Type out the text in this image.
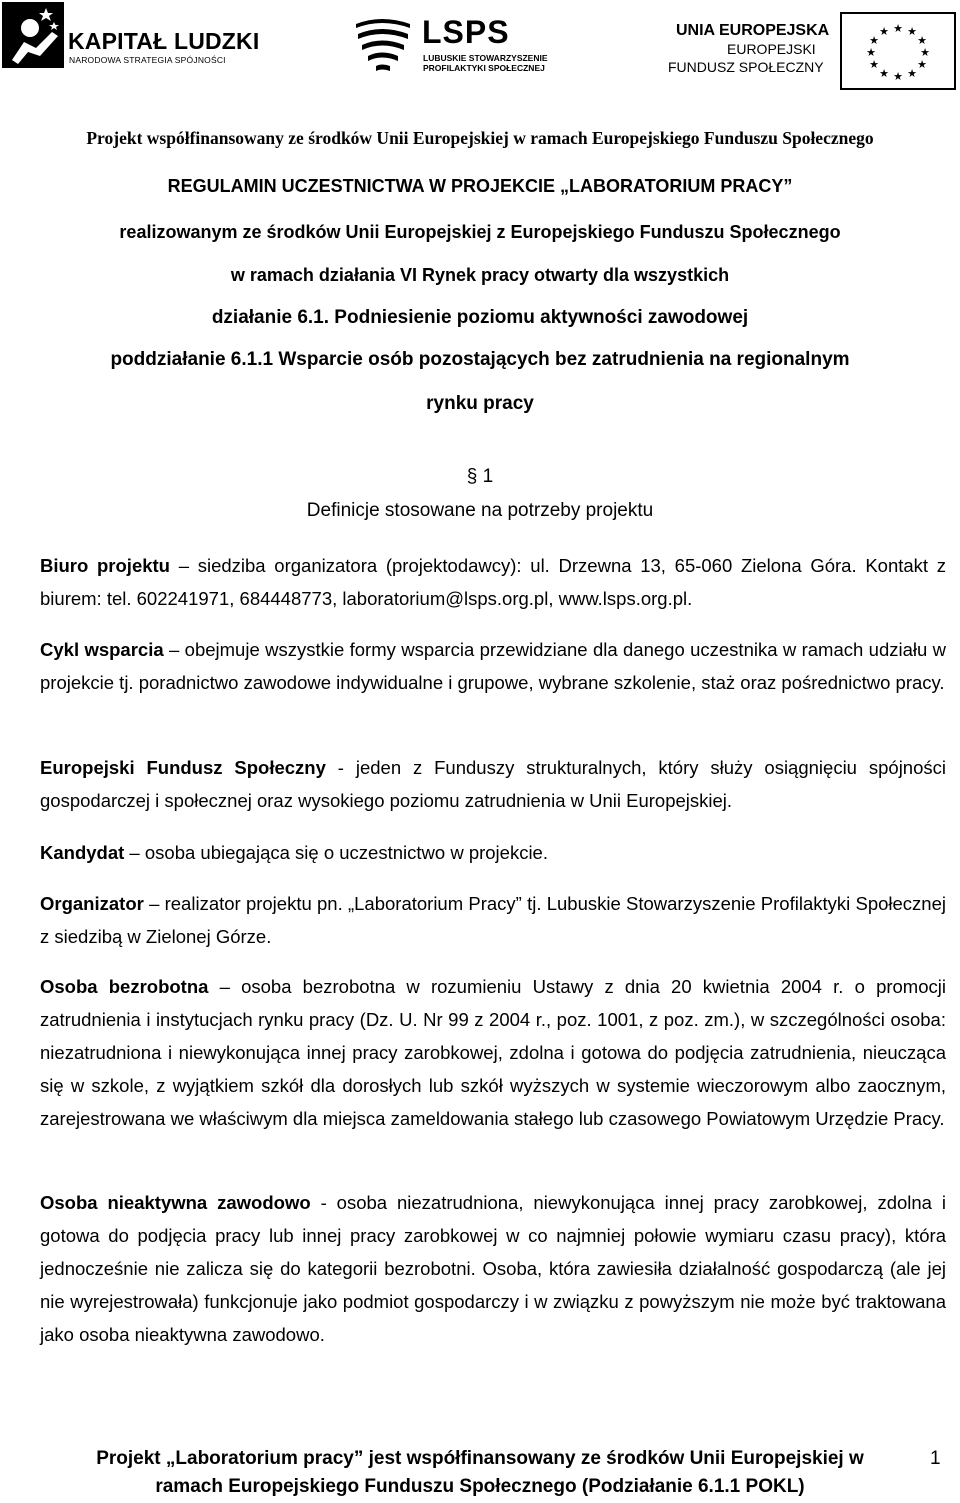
KAPITAŁ LUDZKI
NARODOWA STRATEGIA SPÓJNOŚCI
LSPS
LUBUSKIE STOWARZYSZENIE
PROFILAKTYKI SPOŁECZNEJ
UNIA EUROPEJSKA
EUROPEJSKI
FUNDUSZ SPOŁECZNY
★ ★
★
★
★
★
★
★
★
★
★
★
Projekt współfinansowany ze środków Unii Europejskiej w ramach Europejskiego Funduszu Społecznego
REGULAMIN UCZESTNICTWA W PROJEKCIE „LABORATORIUM PRACY”
realizowanym ze środków Unii Europejskiej z Europejskiego Funduszu Społecznego
w ramach działania VI Rynek pracy otwarty dla wszystkich
działanie 6.1. Podniesienie poziomu aktywności zawodowej
poddziałanie 6.1.1 Wsparcie osób pozostających bez zatrudnienia na regionalnym
rynku pracy
§ 1
Definicje stosowane na potrzeby projektu
Biuro projektu – siedziba organizatora (projektodawcy): ul. Drzewna 13, 65-060 Zielona Góra. Kontakt z biurem: tel. 602241971, 684448773, laboratorium@lsps.org.pl, www.lsps.org.pl.
Cykl wsparcia – obejmuje wszystkie formy wsparcia przewidziane dla danego uczestnika w ramach udziału w projekcie tj. poradnictwo zawodowe indywidualne i grupowe, wybrane szkolenie, staż oraz pośrednictwo pracy.
Europejski Fundusz Społeczny - jeden z Funduszy strukturalnych, który służy osiągnięciu spójności gospodarczej i społecznej oraz wysokiego poziomu zatrudnienia w Unii Europejskiej.
Kandydat – osoba ubiegająca się o uczestnictwo w projekcie.
Organizator – realizator projektu pn. „Laboratorium Pracy” tj. Lubuskie Stowarzyszenie Profilaktyki Społecznej z siedzibą w Zielonej Górze.
Osoba bezrobotna – osoba bezrobotna w rozumieniu Ustawy z dnia 20 kwietnia 2004 r. o promocji zatrudnienia i instytucjach rynku pracy (Dz. U. Nr 99 z 2004 r., poz. 1001, z poz. zm.), w szczególności osoba: niezatrudniona i niewykonująca innej pracy zarobkowej, zdolna i gotowa do podjęcia zatrudnienia, nieucząca się w szkole, z wyjątkiem szkół dla dorosłych lub szkół wyższych w systemie wieczorowym albo zaocznym, zarejestrowana we właściwym dla miejsca zameldowania stałego lub czasowego Powiatowym Urzędzie Pracy.
Osoba nieaktywna zawodowo - osoba niezatrudniona, niewykonująca innej pracy zarobkowej, zdolna i gotowa do podjęcia pracy lub innej pracy zarobkowej w co najmniej połowie wymiaru czasu pracy), która jednocześnie nie zalicza się do kategorii bezrobotni. Osoba, która zawiesiła działalność gospodarczą (ale jej nie wyrejestrowała) funkcjonuje jako podmiot gospodarczy i w związku z powyższym nie może być traktowana jako osoba nieaktywna zawodowo.
Projekt „Laboratorium pracy” jest współfinansowany ze środków Unii Europejskiej w
ramach Europejskiego Funduszu Społecznego (Podziałanie 6.1.1 POKL)
1
